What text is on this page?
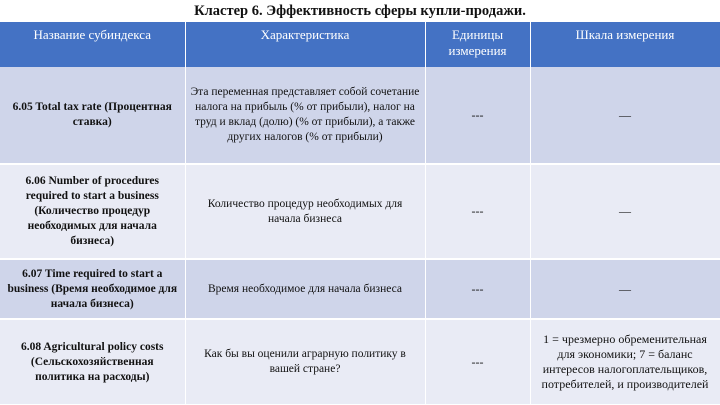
Кластер 6. Эффективность сферы купли-продажи.
Название субиндекса	Характеристика	Единицы измерения	Шкала измерения
6.05 Total tax rate (Процентная ставка)	Эта переменная представляет собой сочетание налога на прибыль (% от прибыли), налог на труд и вклад (долю) (% от прибыли), а также других налогов (% от прибыли)	---	—
6.06 Number of procedures required to start a business (Количество процедур необходимых для начала бизнеса)	Количество процедур необходимых для начала бизнеса	---	—
6.07 Time required to start a business (Время необходимое для начала бизнеса)	Время необходимое для начала бизнеса	---	—
6.08 Agricultural policy costs (Сельскохозяйственная политика на расходы)	Как бы вы оценили аграрную политику в вашей стране?	---	1 = чрезмерно обременительная для экономики; 7 = баланс интересов налогоплательщиков, потребителей, и производителей
